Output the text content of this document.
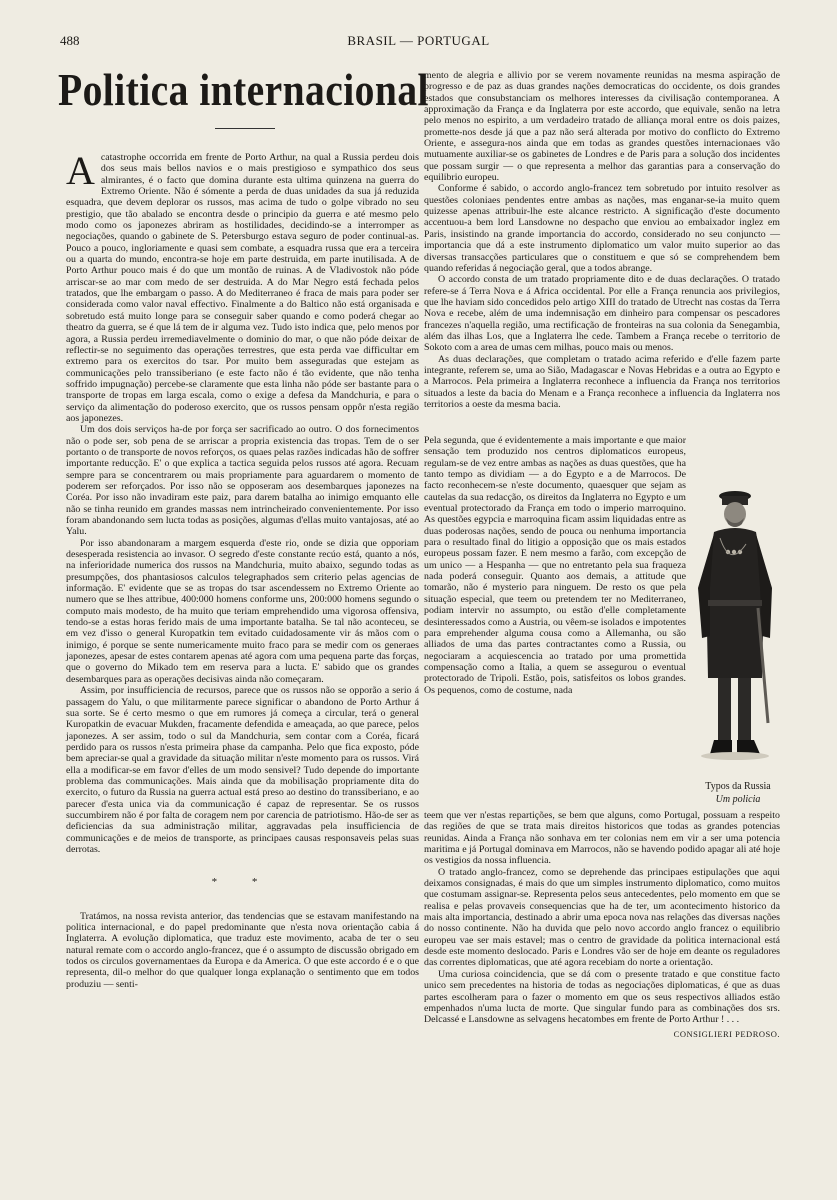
488	BRASIL — PORTUGAL
Politica internacional

Acatastrophe occorrida em frente de Porto Arthur, na qual a Russia perdeu dois dos seus mais bellos navios e o mais prestigioso e sympathico dos seus almirantes, é o facto que domina durante esta ultima quinzena na guerra do Extremo Oriente. Não é sómente a perda de duas unidades da sua já reduzida esquadra, que devem deplorar os russos, mas acima de tudo o golpe vibrado no seu prestigio, que tão abalado se encontra desde o principio da guerra e até mesmo pelo modo como os japonezes abriram as hostilidades, decidindo-se a interromper as negociações, quando o gabinete de S. Petersburgo estava seguro de poder continual-as. Pouco a pouco, ingloriamente e quasi sem combate, a esquadra russa que era a terceira ou a quarta do mundo, encontra-se hoje em parte destruida, em parte inutilisada. A de Porto Arthur pouco mais é do que um montão de ruinas. A de Vladivostok não póde arriscar-se ao mar com medo de ser destruida. A do Mar Negro está fechada pelos tratados, que lhe embargam o passo. A do Mediterraneo é fraca de mais para poder ser considerada como valor naval effectivo. Finalmente a do Baltico não está organisada e sobretudo está muito longe para se conseguir saber quando e como poderá chegar ao theatro da guerra, se é que lá tem de ir alguma vez. Tudo isto indica que, pelo menos por agora, a Russia perdeu irremediavelmente o dominio do mar, o que não póde deixar de reflectir-se no seguimento das operações terrestres, que esta perda vae difficultar em extremo para os exercitos do tsar. Por muito bem asseguradas que estejam as communicações pelo transsiberiano (e este facto não é tão evidente, que não tenha soffrido impugnação) percebe-se claramente que esta linha não póde ser bastante para o transporte de tropas em larga escala, como o exige a defesa da Mandchuria, e para o serviço da alimentação do poderoso exercito, que os russos pensam oppôr n'esta região aos japonezes.

Um dos dois serviços ha-de por força ser sacrificado ao outro. O dos fornecimentos não o pode ser, sob pena de se arriscar a propria existencia das tropas. Tem de o ser portanto o de transporte de novos reforços, os quaes pelas razões indicadas hão de soffrer importante reducção. E' o que explica a tactica seguida pelos russos até agora. Recuam sempre para se concentrarem ou mais propriamente para aguardarem o momento de poderem ser reforçados. Por isso não se opposeram aos desembarques japonezes na Coréa. Por isso não invadiram este paiz, para darem batalha ao inimigo emquanto elle não se tinha reunido em grandes massas nem intrincheirado convenientemente. Por isso foram abandonando sem lucta todas as posições, algumas d'ellas muito vantajosas, até ao Yalu.

Por isso abandonaram a margem esquerda d'este rio, onde se dizia que opporiam desesperada resistencia ao invasor. O segredo d'este constante recúo está, quanto a nós, na inferioridade numerica dos russos na Mandchuria, muito abaixo, segundo todas as presumpções, dos phantasiosos calculos telegraphados sem criterio pelas agencias de informação. E' evidente que se as tropas do tsar ascendessem no Extremo Oriente ao numero que se lhes attribue, 400:000 homens conforme uns, 200:000 homens segundo o computo mais modesto, de ha muito que teriam emprehendido uma vigorosa offensiva, tendo-se a estas horas ferido mais de uma importante batalha. Se tal não aconteceu, se em vez d'isso o general Kuropatkin tem evitado cuidadosamente vir ás mãos com o inimigo, é porque se sente numericamente muito fraco para se medir com os generaes japonezes, apesar de estes contarem apenas até agora com uma pequena parte das forças, que o governo do Mikado tem em reserva para a lucta. E' sabido que os grandes desembarques para as operações decisivas ainda não começaram.

Assim, por insufficiencia de recursos, parece que os russos não se opporão a serio á passagem do Yalu, o que militarmente parece significar o abandono de Porto Arthur á sua sorte. Se é certo mesmo o que em rumores já começa a circular, terá o general Kuropatkin de evacuar Mukden, fracamente defendida e ameaçada, ao que parece, pelos japonezes. A ser assim, todo o sul da Mandchuria, sem contar com a Coréa, ficará perdido para os russos n'esta primeira phase da campanha. Pelo que fica exposto, póde bem apreciar-se qual a gravidade da situação militar n'este momento para os russos. Virá ella a modificar-se em favor d'elles de um modo sensivel? Tudo depende do importante problema das communicações. Mais ainda que da mobilisação propriamente dita do exercito, o futuro da Russia na guerra actual está preso ao destino do transsiberiano, e ao parecer d'esta unica via da communicação é capaz de representar. Se os russos succumbirem não é por falta de coragem nem por carencia de patriotismo. Hão-de ser as deficiencias da sua administração militar, aggravadas pela insufficiencia de communicações e de meios de transporte, as principaes causas responsaveis pelas suas derrotas.

* *

Tratámos, na nossa revista anterior, das tendencias que se estavam manifestando na politica internacional, e do papel predominante que n'esta nova orientação cabia á Inglaterra. A evolução diplomatica, que traduz este movimento, acaba de ter o seu natural remate com o accordo anglo-francez, que é o assumpto de discussão obrigado em todos os circulos governamentaes da Europa e da America. O que este accordo é e o que representa, dil-o melhor do que qualquer longa explanação o sentimento que em todos produziu — senti-

mento de alegria e allivio por se verem novamente reunidas na mesma aspiração de progresso e de paz as duas grandes nações democraticas do occidente, os dois grandes estados que consubstanciam os melhores interesses da civilisação contemporanea. A approximação da França e da Inglaterra por este accordo, que equivale, senão na letra pelo menos no espirito, a um verdadeiro tratado de alliança moral entre os dois paizes, promette-nos desde já que a paz não será alterada por motivo do conflicto do Extremo Oriente, e assegura-nos ainda que em todas as grandes questões internacionaes vão mutuamente auxiliar-se os gabinetes de Londres e de Paris para a solução dos incidentes que possam surgir — o que representa a melhor das garantias para a conservação do equilibrio europeu.

Conforme é sabido, o accordo anglo-francez tem sobretudo por intuito resolver as questões coloniaes pendentes entre ambas as nações, mas enganar-se-ia muito quem quizesse apenas attribuir-lhe este alcance restricto. A significação d'este documento accentuou-a bem lord Lansdowne no despacho que enviou ao embaixador inglez em Paris, insistindo na grande importancia do accordo, considerado no seu conjuncto — importancia que dá a este instrumento diplomatico um valor muito superior ao das diversas transacções particulares que o constituem e que só se comprehendem bem quando referidas á negociação geral, que a todos abrange.

O accordo consta de um tratado propriamente dito e de duas declarações. O tratado refere-se á Terra Nova e á Africa occidental. Por elle a França renuncia aos privilegios, que lhe haviam sido concedidos pelo artigo XIII do tratado de Utrecht nas costas da Terra Nova e recebe, além de uma indemnisação em dinheiro para compensar os pescadores francezes n'aquella região, uma rectificação de fronteiras na sua colonia da Senegambia, além das ilhas Los, que a Inglaterra lhe cede. Tambem a França recebe o territorio de Sokoto com a area de umas cem milhas, pouco mais ou menos.

As duas declarações, que completam o tratado acima referido e d'elle fazem parte integrante, referem se, uma ao Sião, Madagascar e Novas Hebridas e a outra ao Egypto e a Marrocos. Pela primeira a Inglaterra reconhece a influencia da França nos territorios situados a leste da bacia do Menam e a França reconhece a influencia da Inglaterra nos territorios a oeste da mesma bacia.

Pela segunda, que é evidentemente a mais importante e que maior sensação tem produzido nos centros diplomaticos europeus, regulam-se de vez entre ambas as nações as duas questões, que ha tanto tempo as dividiam — a do Egypto e a de Marrocos. De facto reconhecem-se n'este documento, quaesquer que sejam as cautelas da sua redacção, os direitos da Inglaterra no Egypto e um eventual protectorado da França em todo o imperio marroquino. As questões egypcia e marroquina ficam assim liquidadas entre as duas poderosas nações, sendo de pouca ou nenhuma importancia para o resultado final do litigio a opposição que os mais estados europeus possam fazer. E nem mesmo a farão, com excepção de um unico — a Hespanha — que no entretanto pela sua fraqueza nada poderá conseguir. Quanto aos demais, a attitude que tomarão, não é mysterio para ninguem. De resto os que pela situação especial, que teem ou pretendem ter no Mediterraneo, podiam intervir no assumpto, ou estão d'elle completamente desinteressados como a Austria, ou vêem-se isolados e impotentes para emprehender alguma cousa como a Allemanha, ou são alliados de uma das partes contractantes como a Russia, ou negociaram a acquiescencia ao tratado por uma promettida compensação como a Italia, a quem se assegurou o eventual protectorado de Tripoli. Estão, pois, satisfeitos os lobos grandes. Os pequenos, como de costume, nada

Typos da Russia
Um policia

teem que ver n'estas repartições, se bem que alguns, como Portugal, possuam a respeito das regiões de que se trata mais direitos historicos que todas as grandes potencias reunidas. Ainda a França não sonhava em ter colonias nem em vir a ser uma potencia maritima e já Portugal dominava em Marrocos, não se havendo podido apagar ali até hoje os vestigios da nossa influencia.

O tratado anglo-francez, como se deprehende das principaes estipulações que aqui deixamos consignadas, é mais do que um simples instrumento diplomatico, como muitos que costumam assignar-se. Representa pelos seus antecedentes, pelo momento em que se realisa e pelas provaveis consequencias que ha de ter, um acontecimento historico da mais alta importancia, destinado a abrir uma epoca nova nas relações das diversas nações do nosso continente. Não ha duvida que pelo novo accordo anglo francez o equilibrio europeu vae ser mais estavel; mas o centro de gravidade da politica internacional está desde este momento deslocado. Paris e Londres vão ser de hoje em deante os reguladores das correntes diplomaticas, que até agora recebiam do norte a orientação.

Uma curiosa coincidencia, que se dá com o presente tratado e que constitue facto unico sem precedentes na historia de todas as negociações diplomaticas, é que as duas partes escolheram para o fazer o momento em que os seus respectivos alliados estão empenhados n'uma lucta de morte. Que singular fundo para as combinações dos srs. Delcassé e Lansdowne as selvagens hecatombes em frente de Porto Arthur ! . . .

CONSIGLIERI PEDROSO.
